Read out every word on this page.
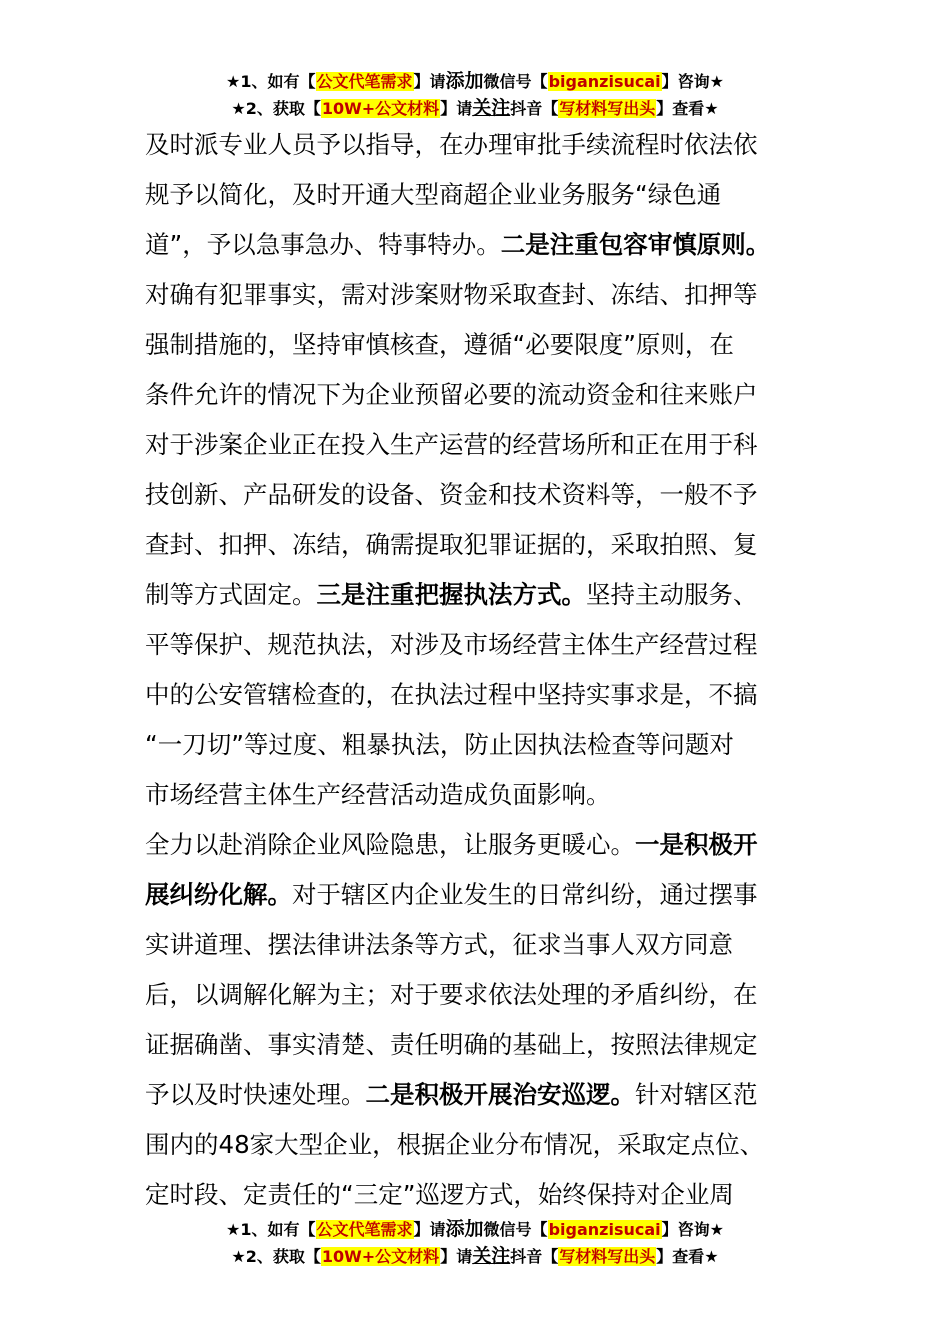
★1、如有【公文代笔需求】请添加微信号【biganzisucai】咨询★
★2、获取【10W+公文材料】请关注抖音【写材料写出头】查看★
及时派专业人员予以指导，在办理审批手续流程时依法依
规予以简化，及时开通大型商超企业业务服务“绿色通
道”，予以急事急办、特事特办。二是注重包容审慎原则。
对确有犯罪事实，需对涉案财物采取查封、冻结、扣押等
强制措施的，坚持审慎核查，遵循“必要限度”原则，在
条件允许的情况下为企业预留必要的流动资金和往来账户
对于涉案企业正在投入生产运营的经营场所和正在用于科
技创新、产品研发的设备、资金和技术资料等，一般不予
查封、扣押、冻结，确需提取犯罪证据的，采取拍照、复
制等方式固定。三是注重把握执法方式。坚持主动服务、
平等保护、规范执法，对涉及市场经营主体生产经营过程
中的公安管辖检查的，在执法过程中坚持实事求是，不搞
“一刀切”等过度、粗暴执法，防止因执法检查等问题对
市场经营主体生产经营活动造成负面影响。
全力以赴消除企业风险隐患，让服务更暖心。一是积极开
展纠纷化解。对于辖区内企业发生的日常纠纷，通过摆事
实讲道理、摆法律讲法条等方式，征求当事人双方同意
后，以调解化解为主；对于要求依法处理的矛盾纠纷，在
证据确凿、事实清楚、责任明确的基础上，按照法律规定
予以及时快速处理。二是积极开展治安巡逻。针对辖区范
围内的48家大型企业，根据企业分布情况，采取定点位、
定时段、定责任的“三定”巡逻方式，始终保持对企业周
★1、如有【公文代笔需求】请添加微信号【biganzisucai】咨询★
★2、获取【10W+公文材料】请关注抖音【写材料写出头】查看★
